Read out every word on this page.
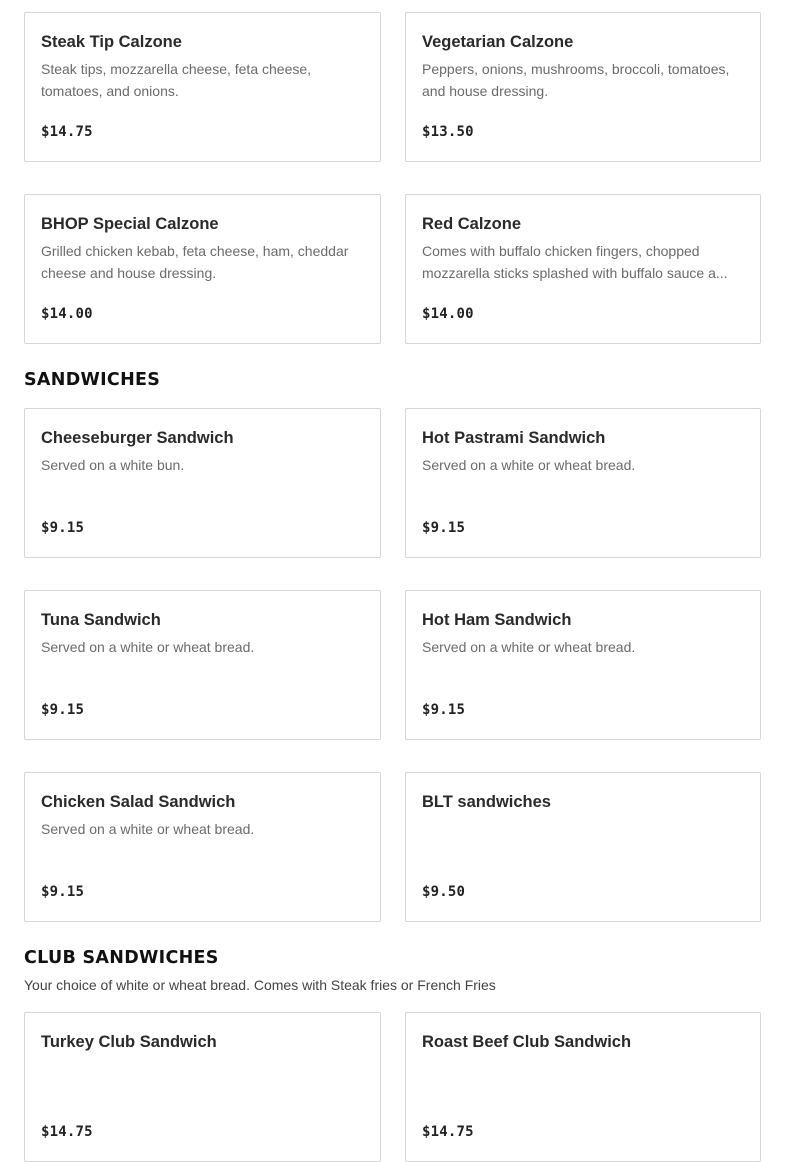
Steak Tip Calzone
Steak tips, mozzarella cheese, feta cheese, tomatoes, and onions.
$14.75
Vegetarian Calzone
Peppers, onions, mushrooms, broccoli, tomatoes, and house dressing.
$13.50
BHOP Special Calzone
Grilled chicken kebab, feta cheese, ham, cheddar cheese and house dressing.
$14.00
Red Calzone
Comes with buffalo chicken fingers, chopped mozzarella sticks splashed with buffalo sauce a...
$14.00
SANDWICHES
Cheeseburger Sandwich
Served on a white bun.
$9.15
Hot Pastrami Sandwich
Served on a white or wheat bread.
$9.15
Tuna Sandwich
Served on a white or wheat bread.
$9.15
Hot Ham Sandwich
Served on a white or wheat bread.
$9.15
Chicken Salad Sandwich
Served on a white or wheat bread.
$9.15
BLT sandwiches
$9.50
CLUB SANDWICHES
Your choice of white or wheat bread. Comes with Steak fries or French Fries
Turkey Club Sandwich
$14.75
Roast Beef Club Sandwich
$14.75
